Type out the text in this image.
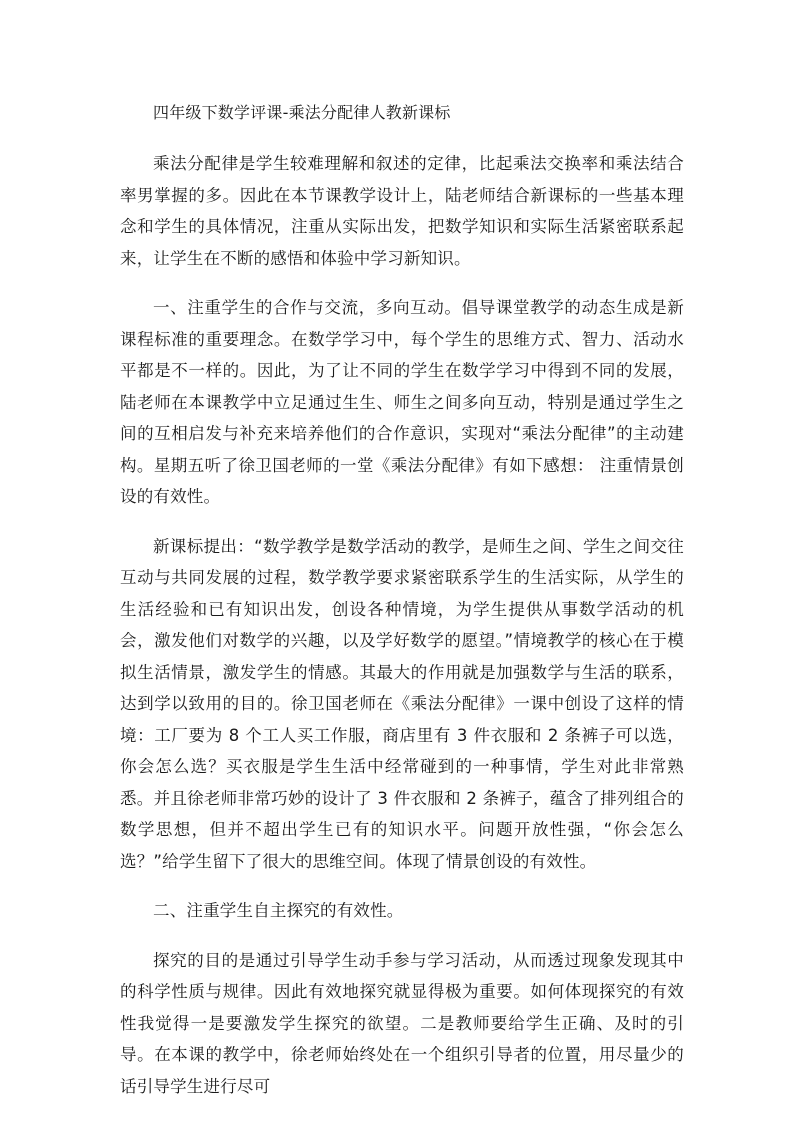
四年级下数学评课-乘法分配律人教新课标

乘法分配律是学生较难理解和叙述的定律，比起乘法交换率和乘法结合率男掌握的多。因此在本节课教学设计上，陆老师结合新课标的一些基本理念和学生的具体情况，注重从实际出发，把数学知识和实际生活紧密联系起来，让学生在不断的感悟和体验中学习新知识。

一、注重学生的合作与交流，多向互动。倡导课堂教学的动态生成是新课程标准的重要理念。在数学学习中，每个学生的思维方式、智力、活动水平都是不一样的。因此，为了让不同的学生在数学学习中得到不同的发展，陆老师在本课教学中立足通过生生、师生之间多向互动，特别是通过学生之间的互相启发与补充来培养他们的合作意识，实现对“乘法分配律”的主动建构。星期五听了徐卫国老师的一堂《乘法分配律》有如下感想： 注重情景创设的有效性。

新课标提出：“数学教学是数学活动的教学，是师生之间、学生之间交往互动与共同发展的过程，数学教学要求紧密联系学生的生活实际，从学生的生活经验和已有知识出发，创设各种情境，为学生提供从事数学活动的机会，激发他们对数学的兴趣，以及学好数学的愿望。”情境教学的核心在于模拟生活情景，激发学生的情感。其最大的作用就是加强数学与生活的联系，达到学以致用的目的。徐卫国老师在《乘法分配律》一课中创设了这样的情境：工厂要为 8 个工人买工作服，商店里有 3 件衣服和 2 条裤子可以选，你会怎么选？买衣服是学生生活中经常碰到的一种事情，学生对此非常熟悉。并且徐老师非常巧妙的设计了 3 件衣服和 2 条裤子，蕴含了排列组合的数学思想，但并不超出学生已有的知识水平。问题开放性强，“你会怎么选？”给学生留下了很大的思维空间。体现了情景创设的有效性。

二、注重学生自主探究的有效性。

探究的目的是通过引导学生动手参与学习活动，从而透过现象发现其中的科学性质与规律。因此有效地探究就显得极为重要。如何体现探究的有效性我觉得一是要激发学生探究的欲望。二是教师要给学生正确、及时的引导。在本课的教学中，徐老师始终处在一个组织引导者的位置，用尽量少的话引导学生进行尽可
